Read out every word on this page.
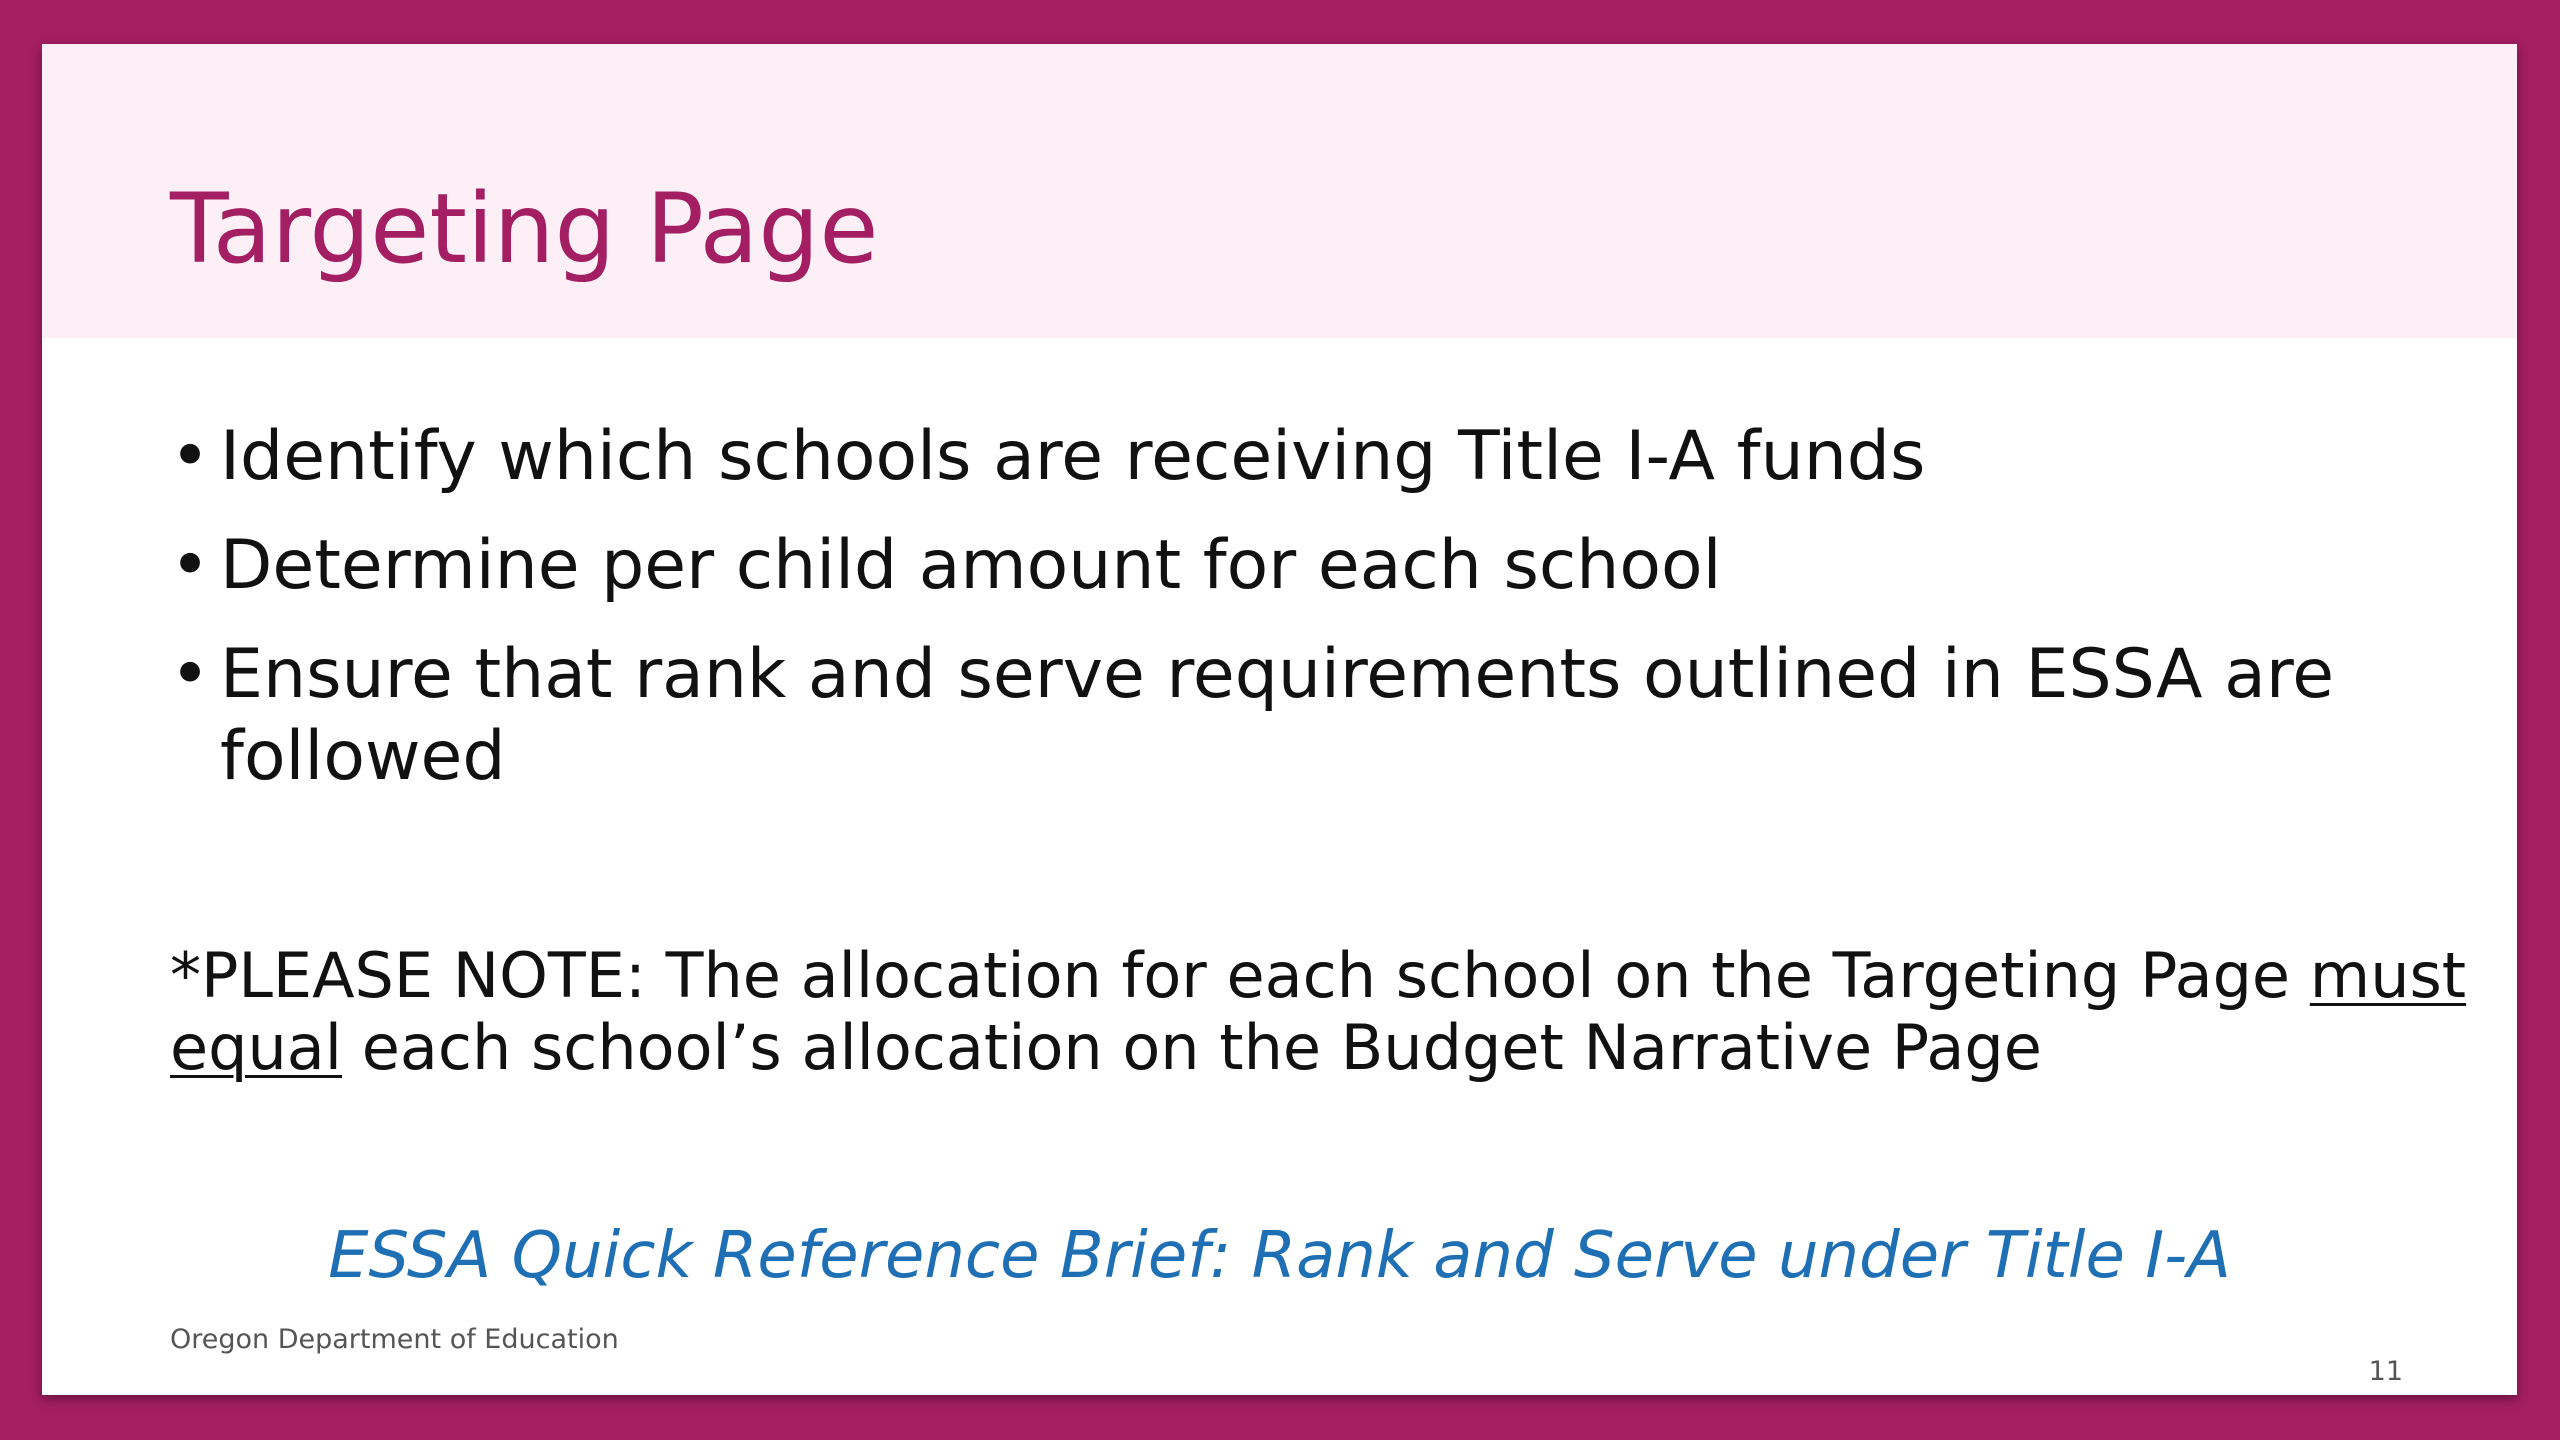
Targeting Page
• Identify which schools are receiving Title I-A funds
• Determine per child amount for each school
• Ensure that rank and serve requirements outlined in ESSA are followed

*PLEASE NOTE: The allocation for each school on the Targeting Page must equal each school’s allocation on the Budget Narrative Page

ESSA Quick Reference Brief: Rank and Serve under Title I-A
Oregon Department of Education
11
